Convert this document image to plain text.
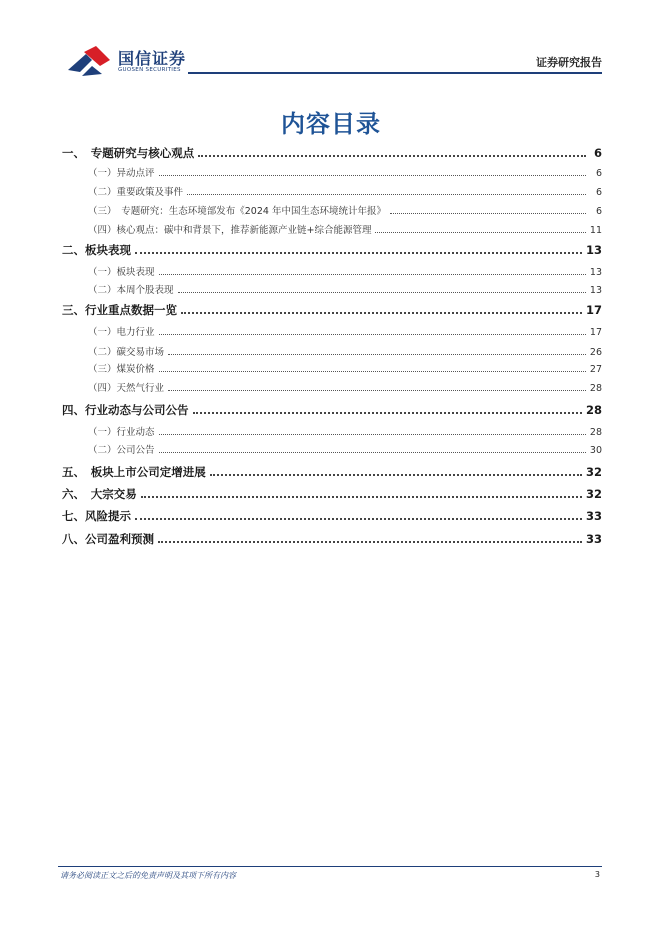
国信证券
GUOSEN SECURITIES
证券研究报告
内容目录
一、　专题研究与核心观点	6
（一）异动点评	6
（二）重要政策及事件	6
（三）　专题研究：生态环境部发布《2024 年中国生态环境统计年报》	6
（四）核心观点：碳中和背景下，推荐新能源产业链+综合能源管理	11
二、板块表现	13
（一）板块表现	13
（二）本周个股表现	13
三、行业重点数据一览	17
（一）电力行业	17
（二）碳交易市场	26
（三）煤炭价格	27
（四）天然气行业	28
四、行业动态与公司公告	28
（一）行业动态	28
（二）公司公告	30
五、　板块上市公司定增进展	32
六、　大宗交易	32
七、风险提示	33
八、公司盈利预测	33
请务必阅读正文之后的免责声明及其项下所有内容	3
